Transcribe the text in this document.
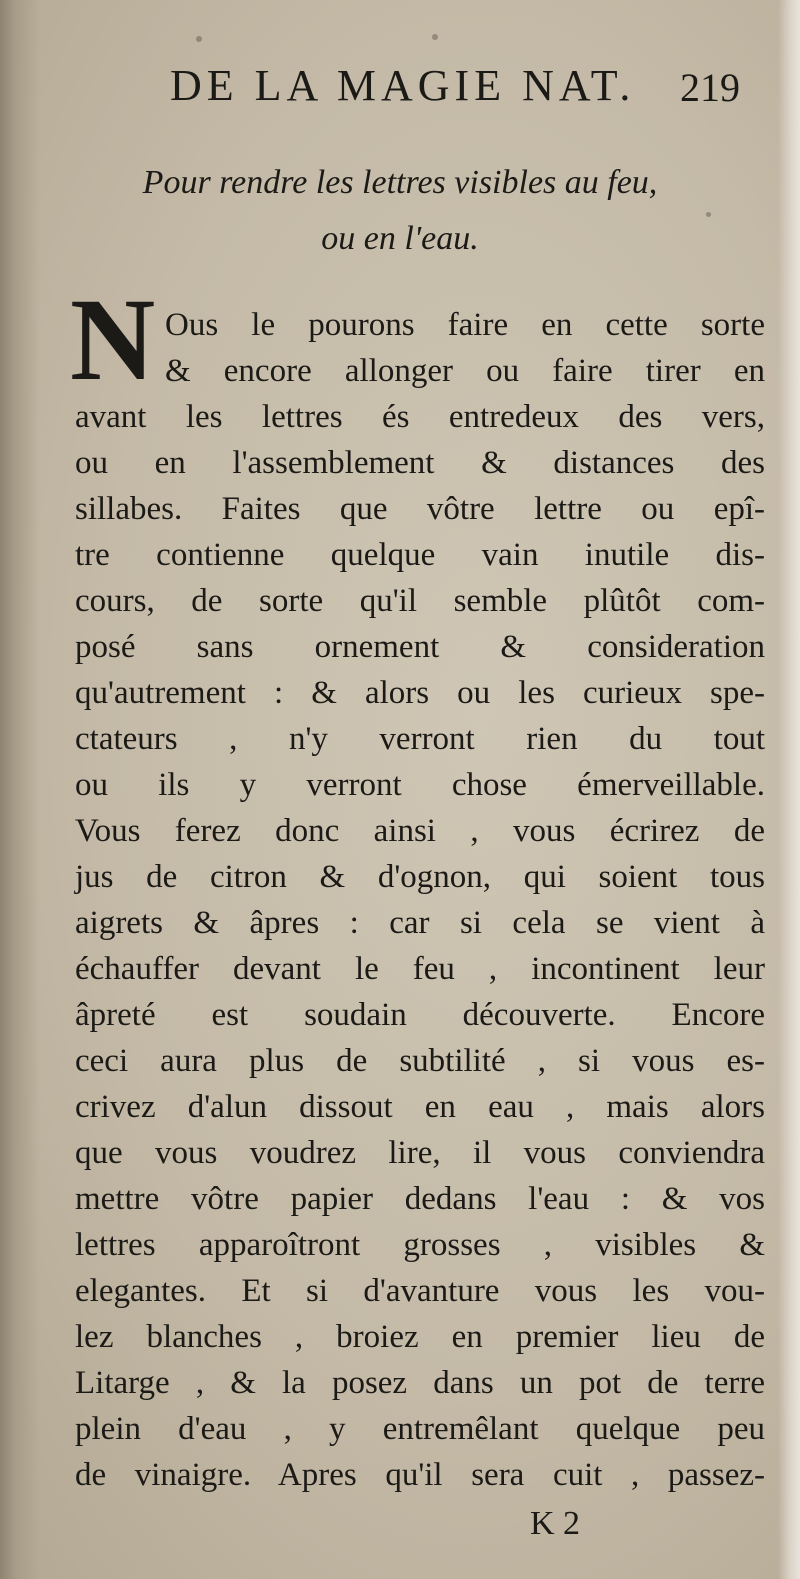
DE LA MAGIE NAT. 219
Pour rendre les lettres visibles au feu,
ou en l'eau.
N Ous le pourons faire en cette sorte
& encore allonger ou faire tirer en
avant les lettres és entredeux des vers,
ou en l'assemblement & distances des
sillabes. Faites que vôtre lettre ou epî-
tre contienne quelque vain inutile dis-
cours, de sorte qu'il semble plûtôt com-
posé sans ornement & consideration
qu'autrement : & alors ou les curieux spe-
ctateurs , n'y verront rien du tout
ou ils y verront chose émerveillable.
Vous ferez donc ainsi , vous écrirez de
jus de citron & d'ognon, qui soient tous
aigrets & âpres : car si cela se vient à
échauffer devant le feu , incontinent leur
âpreté est soudain découverte. Encore
ceci aura plus de subtilité , si vous es-
crivez d'alun dissout en eau , mais alors
que vous voudrez lire, il vous conviendra
mettre vôtre papier dedans l'eau : & vos
lettres apparoîtront grosses , visibles &
elegantes. Et si d'avanture vous les vou-
lez blanches , broiez en premier lieu de
Litarge , & la posez dans un pot de terre
plein d'eau , y entremêlant quelque peu
de vinaigre. Apres qu'il sera cuit , passez-
K 2
